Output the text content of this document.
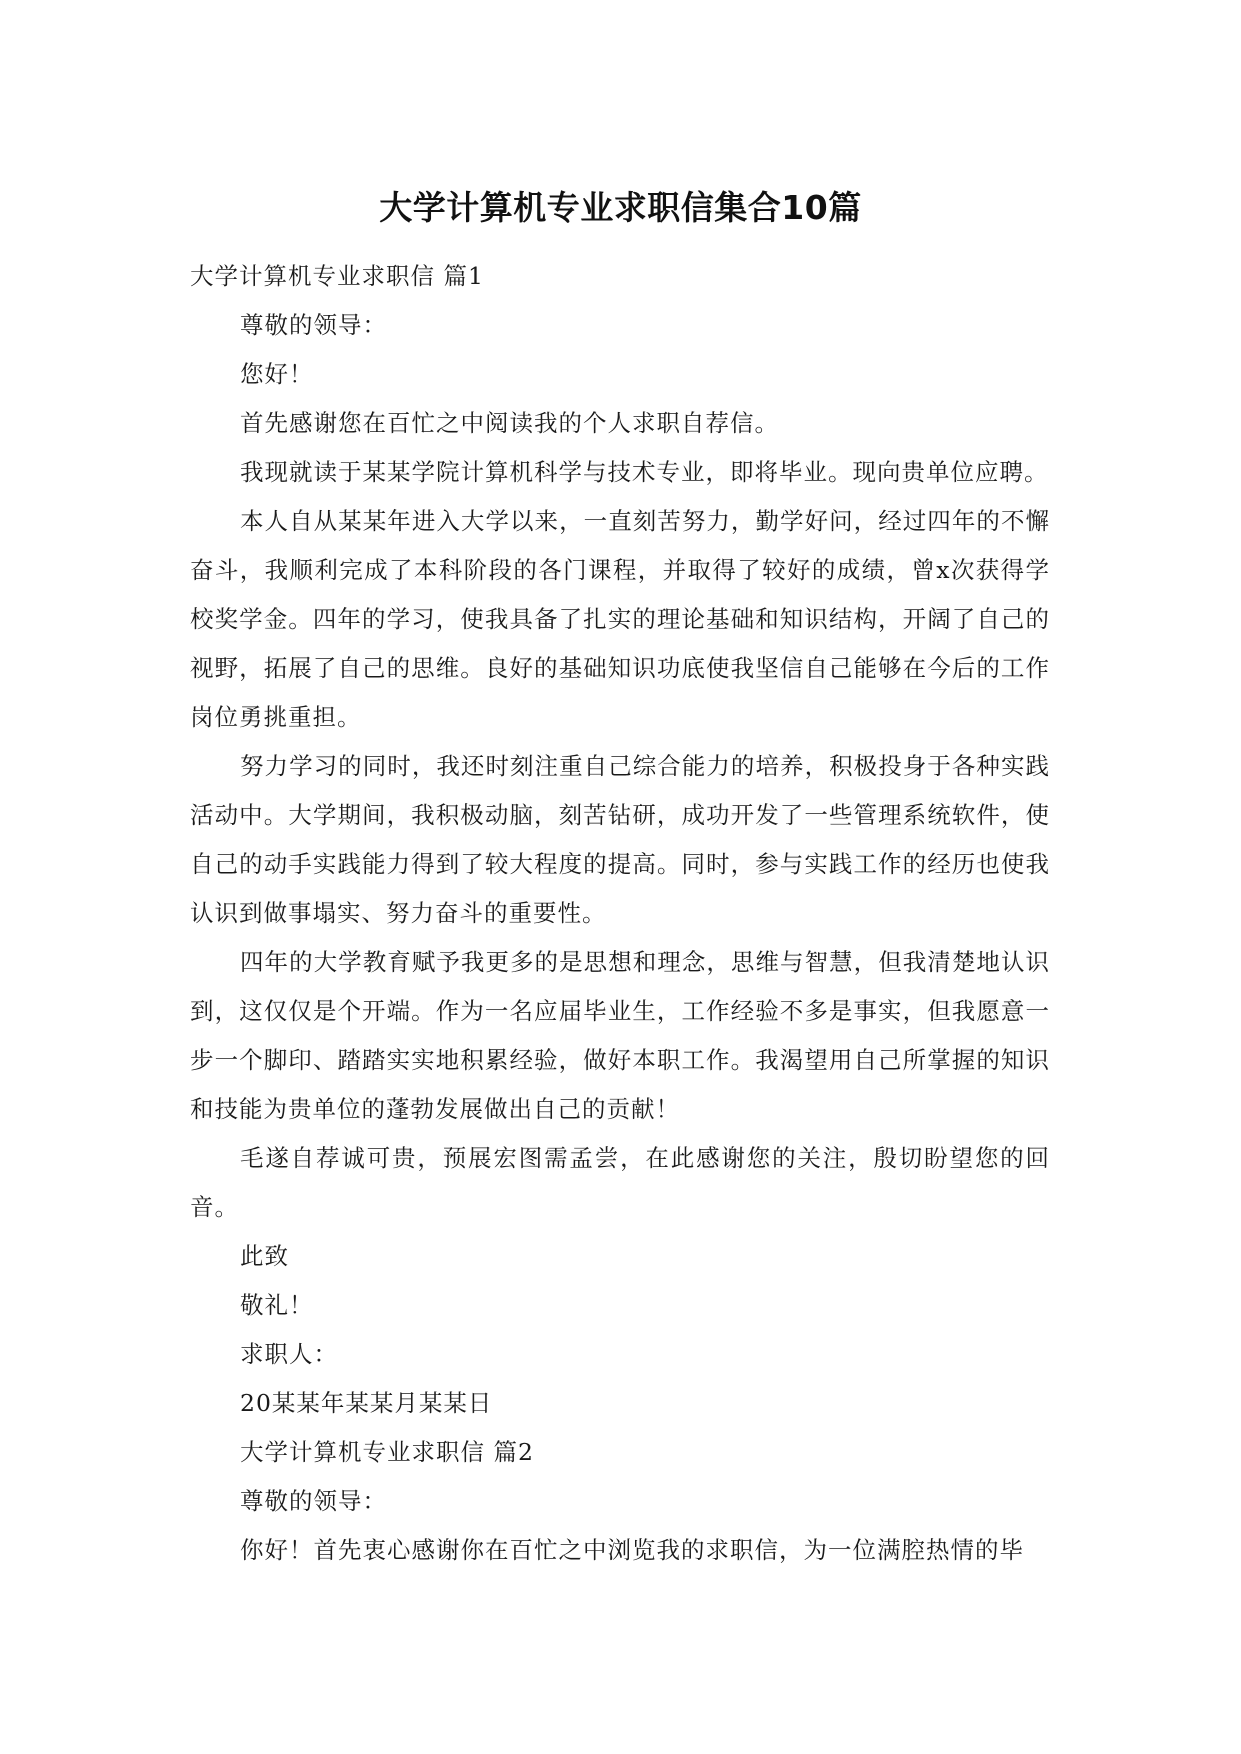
大学计算机专业求职信集合10篇

大学计算机专业求职信 篇1

尊敬的领导：

您好！

首先感谢您在百忙之中阅读我的个人求职自荐信。

我现就读于某某学院计算机科学与技术专业，即将毕业。现向贵单位应聘。

本人自从某某年进入大学以来，一直刻苦努力，勤学好问，经过四年的不懈奋斗，我顺利完成了本科阶段的各门课程，并取得了较好的成绩，曾x次获得学校奖学金。四年的学习，使我具备了扎实的理论基础和知识结构，开阔了自己的视野，拓展了自己的思维。良好的基础知识功底使我坚信自己能够在今后的工作岗位勇挑重担。

努力学习的同时，我还时刻注重自己综合能力的培养，积极投身于各种实践活动中。大学期间，我积极动脑，刻苦钻研，成功开发了一些管理系统软件，使自己的动手实践能力得到了较大程度的提高。同时，参与实践工作的经历也使我认识到做事塌实、努力奋斗的重要性。

四年的大学教育赋予我更多的是思想和理念，思维与智慧，但我清楚地认识到，这仅仅是个开端。作为一名应届毕业生，工作经验不多是事实，但我愿意一步一个脚印、踏踏实实地积累经验，做好本职工作。我渴望用自己所掌握的知识和技能为贵单位的蓬勃发展做出自己的贡献！

毛遂自荐诚可贵，预展宏图需孟尝，在此感谢您的关注，殷切盼望您的回音。

此致

敬礼！

求职人：

20某某年某某月某某日

大学计算机专业求职信 篇2

尊敬的领导：

你好！首先衷心感谢你在百忙之中浏览我的求职信，为一位满腔热情的毕
